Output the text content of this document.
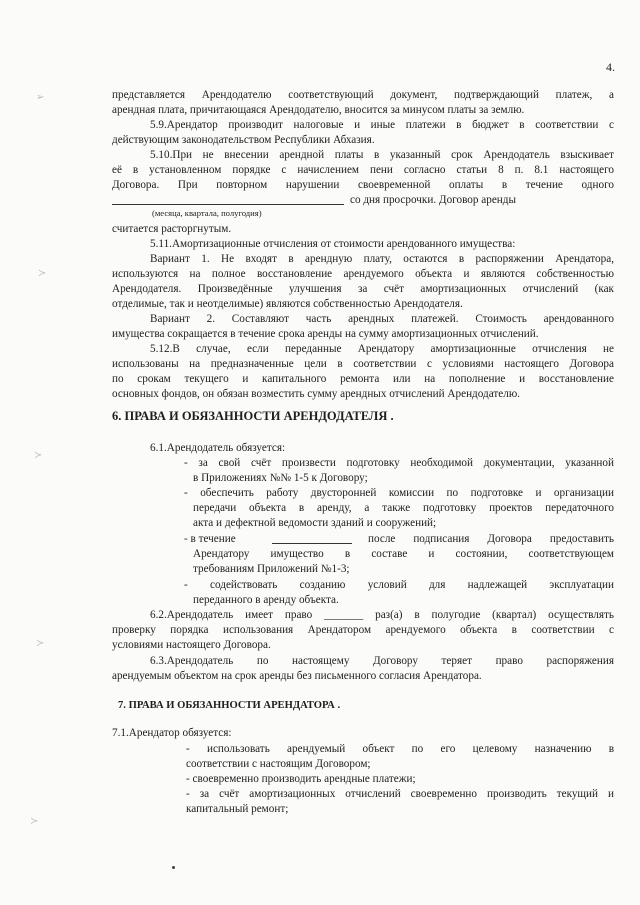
4.
представляется Арендодателю соответствующий документ, подтверждающий платеж, а
арендная плата, причитающаяся Арендодателю, вносится за минусом платы за землю.
5.9.Арендатор производит налоговые и иные платежи в бюджет в соответствии с
действующим законодательством Республики Абхазия.
5.10.При не внесении арендной платы в указанный срок Арендодатель взыскивает
её в установленном порядке с начислением пени согласно статьи 8 п. 8.1 настоящего
Договора. При повторном нарушении своевременной оплаты в течение одного
со дня просрочки. Договор аренды
(месяца, квартала, полугодия)
считается расторгнутым.
5.11.Амортизационные отчисления от стоимости арендованного имущества:
Вариант 1. Не входят в арендную плату, остаются в распоряжении Арендатора,
используются на полное восстановление арендуемого объекта и являются собственностью
Арендодателя. Произведённые улучшения за счёт амортизационных отчислений (как
отделимые, так и неотделимые) являются собственностью Арендодателя.
Вариант 2. Составляют часть арендных платежей. Стоимость арендованного
имущества сокращается в течение срока аренды на сумму амортизационных отчислений.
5.12.В случае, если переданные Арендатору амортизационные отчисления не
использованы на предназначенные цели в соответствии с условиями настоящего Договора
по срокам текущего и капитального ремонта или на пополнение и восстановление
основных фондов, он обязан возместить сумму арендных отчислений Арендодателю.
6. ПРАВА И ОБЯЗАННОСТИ АРЕНДОДАТЕЛЯ .
6.1.Арендодатель обязуется:
- за свой счёт произвести подготовку необходимой документации, указанной
в Приложениях №№ 1-5 к Договору;
- обеспечить работу двусторонней комиссии по подготовке и организации
передачи объекта в аренду, а также подготовку проектов передаточного
акта и дефектной ведомости зданий и сооружений;
- в течение	после подписания Договора предоставить
Арендатору имуществo в составе и состоянии, соответствующем
требованиям Приложений №1-3;
- содействовать созданию условий для надлежащей эксплуатации
переданного в аренду объекта.
6.2.Арендодатель имеет право _______ раз(а) в полугодие (квартал) осуществлять
проверку порядка использования Арендатором арендуемого объекта в соответствии с
условиями настоящего Договора.
6.3.Арендодатель по настоящему Договору теряет право распоряжения
арендуемым объектом на срок аренды без письменного согласия Арендатора.
7. ПРАВА И ОБЯЗАННОСТИ АРЕНДАТОРА .
7.1.Арендатор обязуется:
- использовать арендуемый объект по его целевому назначению в
соответствии с настоящим Договором;
- своевременно производить арендные платежи;
- за счёт амортизационных отчислений своевременно производить текущий и
капитальный ремонт;
➢
≻
≻
≻
≻
